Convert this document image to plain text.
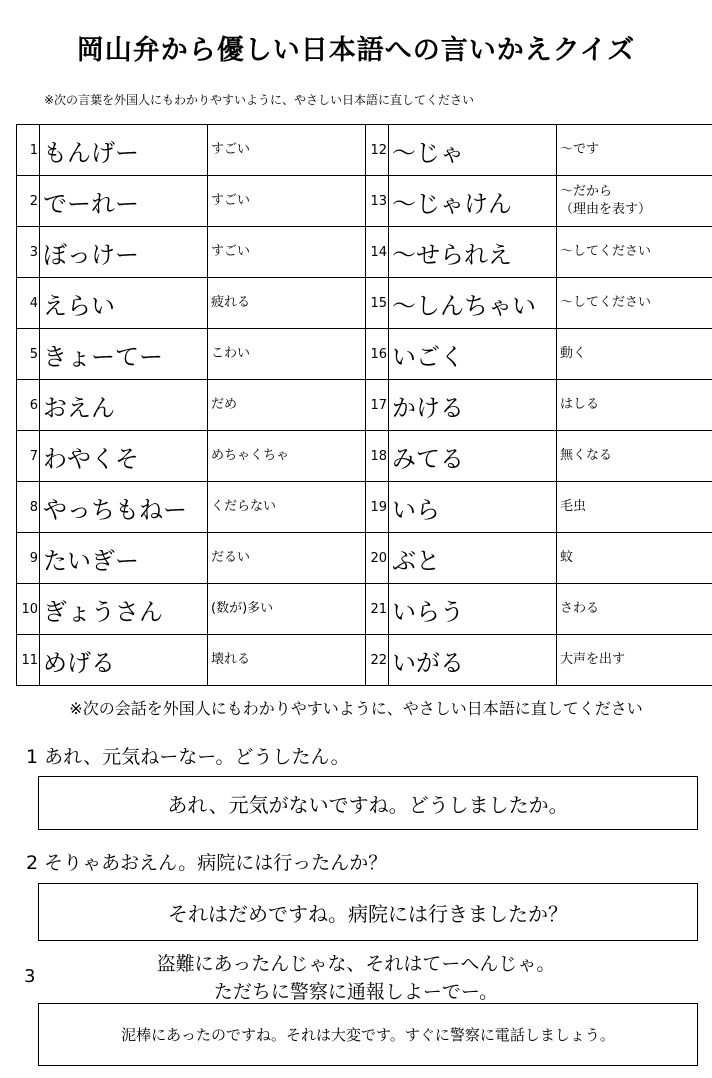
岡山弁から優しい日本語への言いかえクイズ
※次の言葉を外国人にもわかりやすいように、やさしい日本語に直してください
1	もんげー	すごい	12	～じゃ	～です
2	でーれー	すごい	13	～じゃけん	～だから
（理由を表す）
3	ぼっけー	すごい	14	～せられえ	～してください
4	えらい	疲れる	15	～しんちゃい	～してください
5	きょーてー	こわい	16	いごく	動く
6	おえん	だめ	17	かける	はしる
7	わやくそ	めちゃくちゃ	18	みてる	無くなる
8	やっちもねー	くだらない	19	いら	毛虫
9	たいぎー	だるい	20	ぶと	蚊
10	ぎょうさん	(数が)多い	21	いらう	さわる
11	めげる	壊れる	22	いがる	大声を出す
※次の会話を外国人にもわかりやすいように、やさしい日本語に直してください
1 あれ、元気ねーなー。どうしたん。
あれ、元気がないですね。どうしましたか。
2 そりゃあおえん。病院には行ったんか？
それはだめですね。病院には行きましたか？
3
盗難にあったんじゃな、それはてーへんじゃ。
ただちに警察に通報しよーでー。
泥棒にあったのですね。それは大変です。すぐに警察に電話しましょう。
